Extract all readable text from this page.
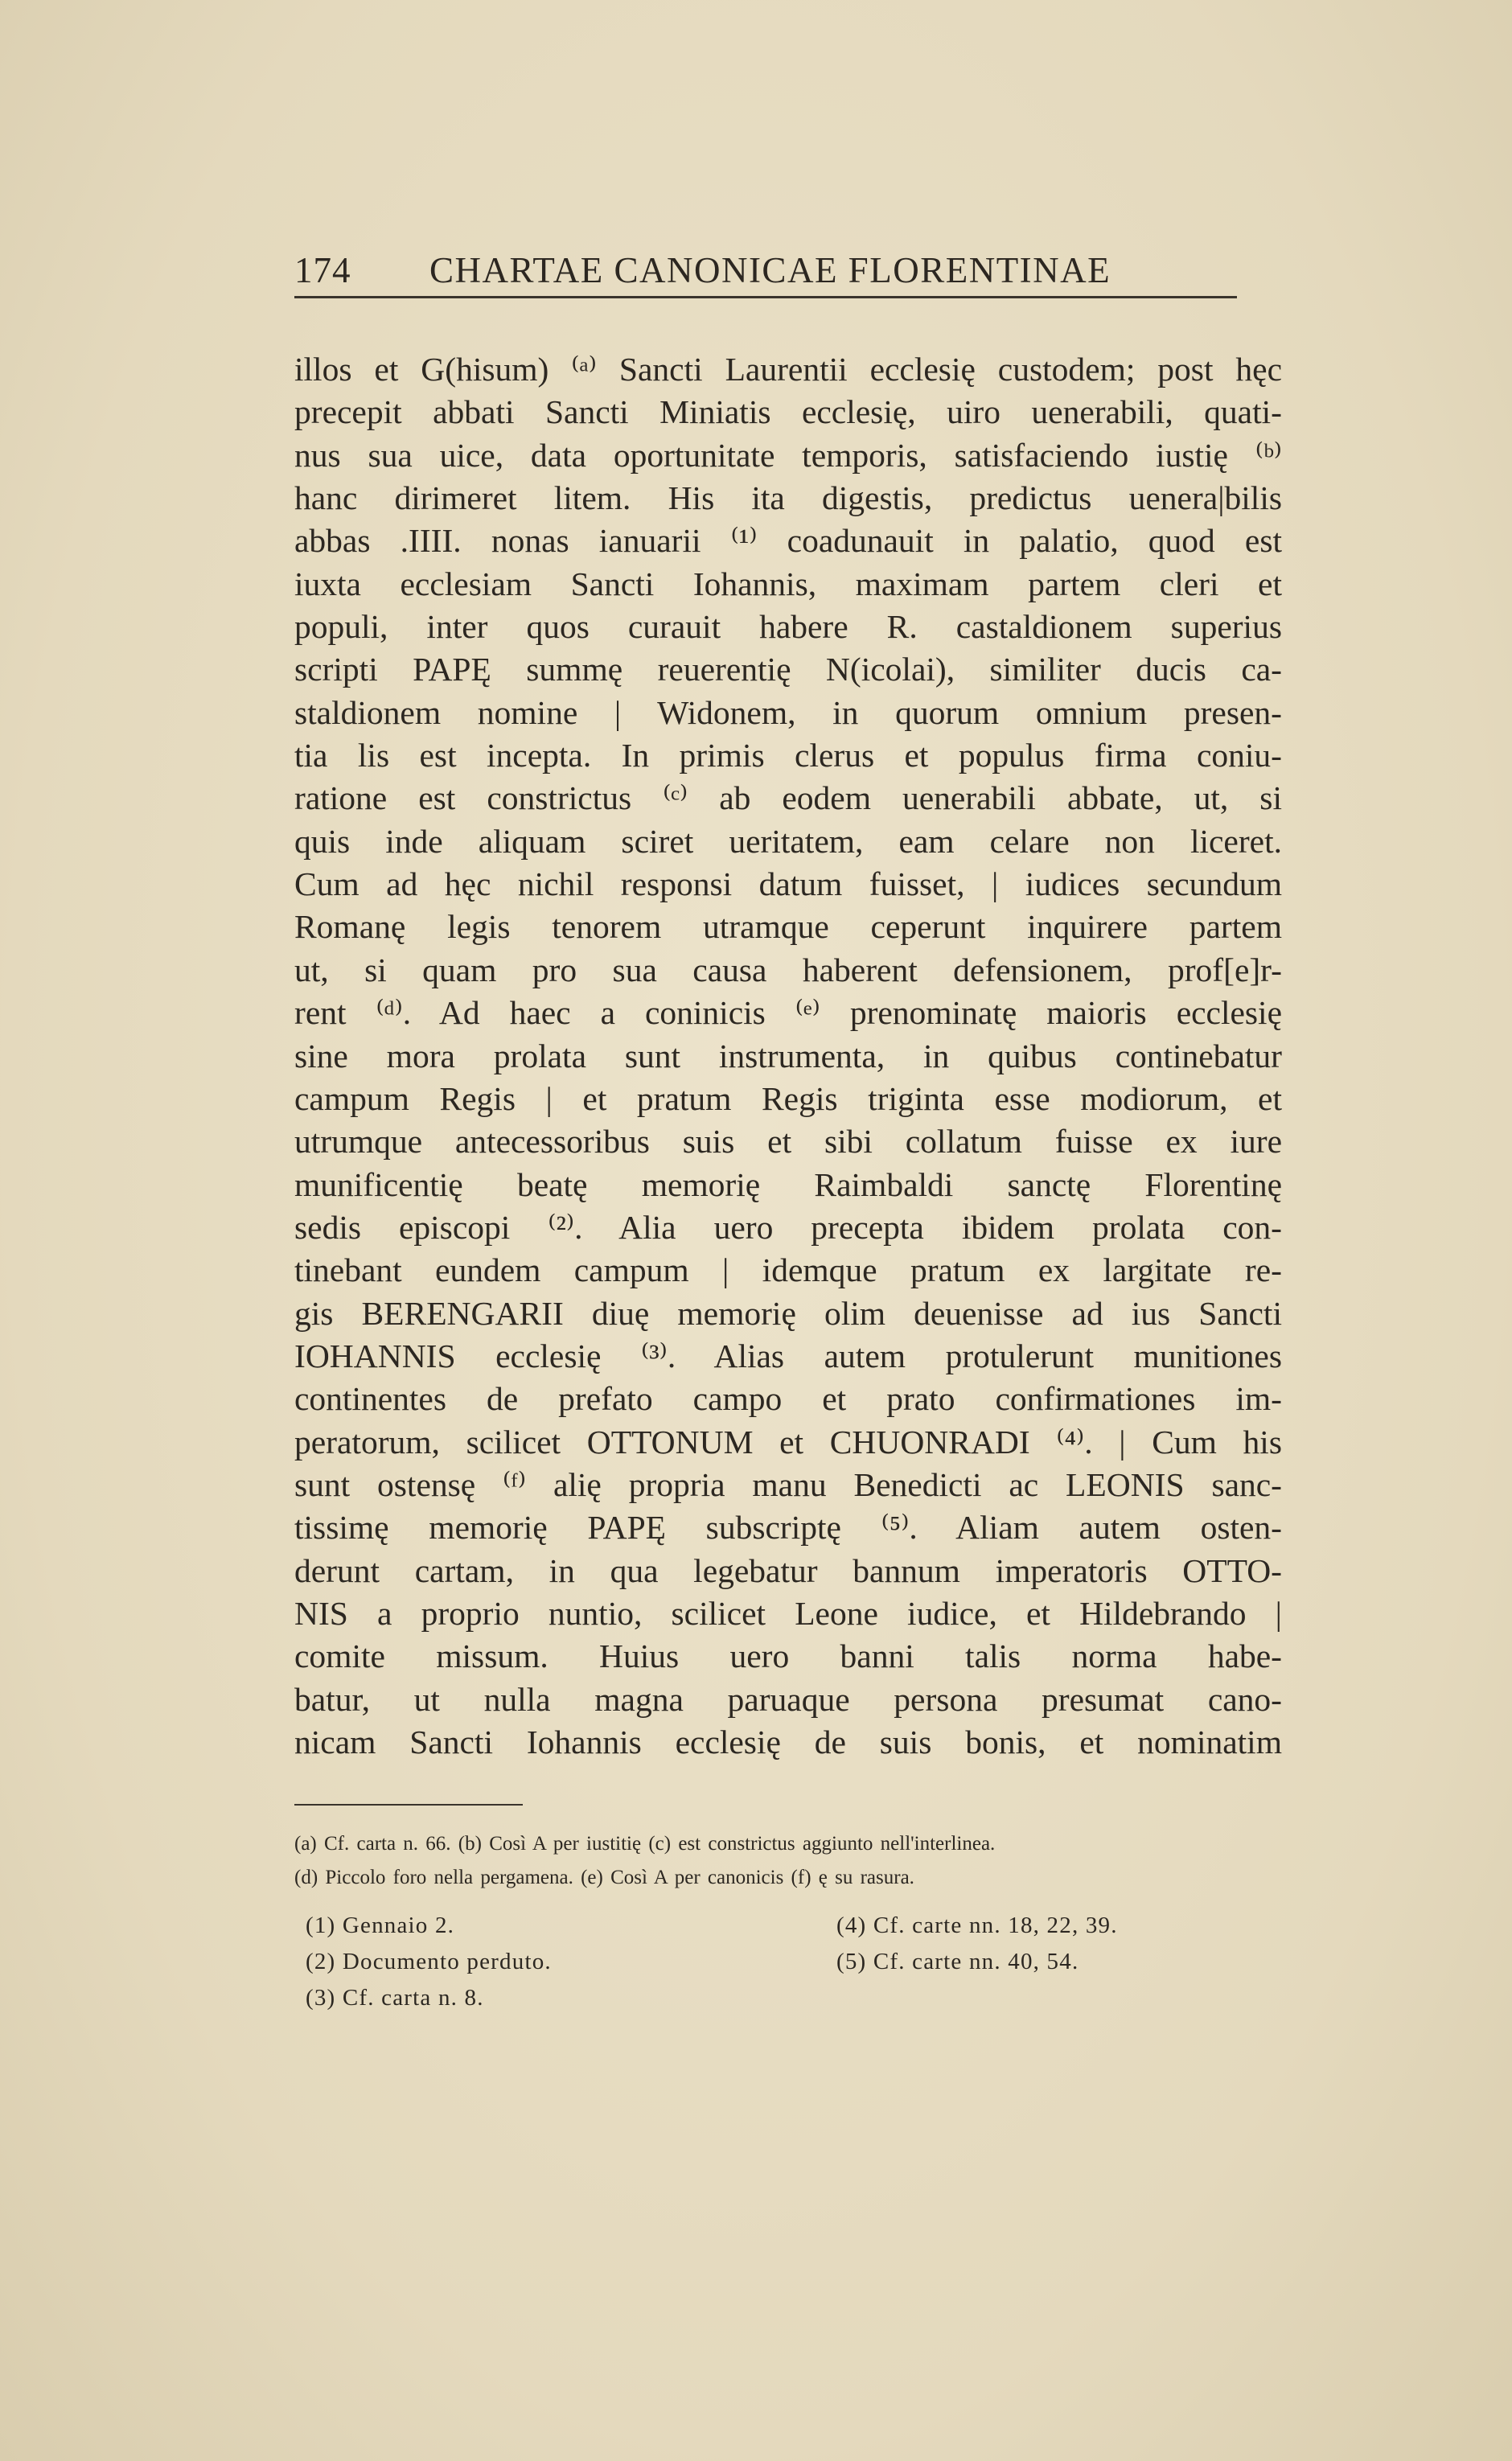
174 CHARTAE CANONICAE FLORENTINAE
illos et G(hisum) ⁽ᵃ⁾ Sancti Laurentii ecclesię custodem; post hęc
precepit abbati Sancti Miniatis ecclesię, uiro uenerabili, quati-
nus sua uice, data oportunitate temporis, satisfaciendo iustię ⁽ᵇ⁾
hanc dirimeret litem. His ita digestis, predictus uenera|bilis
abbas .IIII. nonas ianuarii ⁽¹⁾ coadunauit in palatio, quod est
iuxta ecclesiam Sancti Iohannis, maximam partem cleri et
populi, inter quos curauit habere R. castaldionem superius
scripti PAPĘ summę reuerentię N(icolai), similiter ducis ca-
staldionem nomine | Widonem, in quorum omnium presen-
tia lis est incepta. In primis clerus et populus firma coniu-
ratione est constrictus ⁽ᶜ⁾ ab eodem uenerabili abbate, ut, si
quis inde aliquam sciret ueritatem, eam celare non liceret.
Cum ad hęc nichil responsi datum fuisset, | iudices secundum
Romanę legis tenorem utramque ceperunt inquirere partem
ut, si quam pro sua causa haberent defensionem, prof[e]r-
rent ⁽ᵈ⁾. Ad haec a coninicis ⁽ᵉ⁾ prenominatę maioris ecclesię
sine mora prolata sunt instrumenta, in quibus continebatur
campum Regis | et pratum Regis triginta esse modiorum, et
utrumque antecessoribus suis et sibi collatum fuisse ex iure
munificentię beatę memorię Raimbaldi sanctę Florentinę
sedis episcopi ⁽²⁾. Alia uero precepta ibidem prolata con-
tinebant eundem campum | idemque pratum ex largitate re-
gis BERENGARII diuę memorię olim deuenisse ad ius Sancti
IOHANNIS ecclesię ⁽³⁾. Alias autem protulerunt munitiones
continentes de prefato campo et prato confirmationes im-
peratorum, scilicet OTTONUM et CHUONRADI ⁽⁴⁾. | Cum his
sunt ostensę ⁽ᶠ⁾ alię propria manu Benedicti ac LEONIS sanc-
tissimę memorię PAPĘ subscriptę ⁽⁵⁾. Aliam autem osten-
derunt cartam, in qua legebatur bannum imperatoris OTTO-
NIS a proprio nuntio, scilicet Leone iudice, et Hildebrando |
comite missum. Huius uero banni talis norma habe-
batur, ut nulla magna paruaque persona presumat cano-
nicam Sancti Iohannis ecclesię de suis bonis, et nominatim
(a) Cf. carta n. 66. (b) Così A per iustitię (c) est constrictus aggiunto nell'interlinea.
(d) Piccolo foro nella pergamena. (e) Così A per canonicis (f) ę su rasura.
(1) Gennaio 2.
(2) Documento perduto.
(3) Cf. carta n. 8.
(4) Cf. carte nn. 18, 22, 39.
(5) Cf. carte nn. 40, 54.
